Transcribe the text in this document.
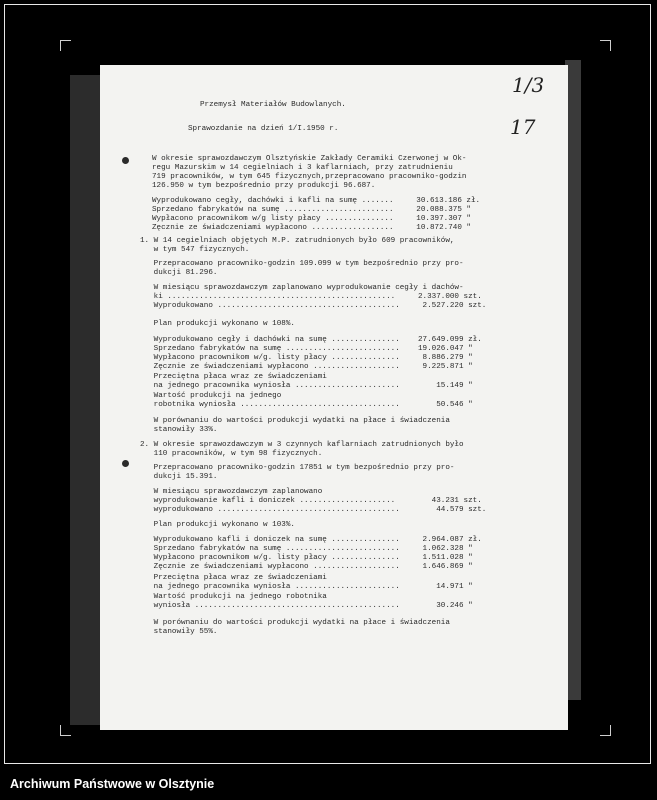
Przemysł Materiałów Budowlanych.
Sprawozdanie na dzień 1/I.1950 r.
1/3
17
W okresie sprawozdawczym Olsztyńskie Zakłady Ceramiki Czerwonej w Ok-
regu Mazurskim w 14 cegielniach i 3 kaflarniach, przy zatrudnieniu
719 pracowników, w tym 645 fizycznych,przepracowano pracowniko-godzin
126.950 w tym bezpośrednio przy produkcji 96.687.
Wyprodukowano cegły, dachówki i kafli na sumę .......     30.613.186 zł.
Sprzedano fabrykatów na sumę ........................     20.088.375 "
Wypłacono pracownikom w/g listy płacy ...............     10.397.307 "
Zęcznie ze świadczeniami wypłacono ..................     10.872.740 "
1. W 14 cegielniach objętych M.P. zatrudnionych było 609 pracowników,
w tym 547 fizycznych.
Przepracowano pracowniko-godzin 109.099 w tym bezpośrednio przy pro-
dukcji 81.296.
W miesiącu sprawozdawczym zaplanowano wyprodukowanie cegły i dachów-
ki ..................................................     2.337.000 szt.
Wyprodukowano ........................................     2.527.220 szt.
Plan produkcji wykonano w 108%.
Wyprodukowano cegły i dachówki na sumę ...............    27.649.099 zł.
Sprzedano fabrykatów na sumę .........................    19.026.047 "
Wypłacono pracownikom w/g. listy płacy ...............     8.886.279 "
Zęcznie ze świadczeniami wypłacono ...................     9.225.871 "
Przeciętna płaca wraz ze świadczeniami
na jednego pracownika wyniosła .......................        15.149 "
Wartość produkcji na jednego
robotnika wyniosła ...................................        50.546 "
W porównaniu do wartości produkcji wydatki na płace i świadczenia
stanowiły 33%.
2. W okresie sprawozdawczym w 3 czynnych kaflarniach zatrudnionych było
110 pracowników, w tym 98 fizycznych.
Przepracowano pracowniko-godzin 17851 w tym bezpośrednio przy pro-
dukcji 15.391.
W miesiącu sprawozdawczym zaplanowano
wyprodukowanie kafli i doniczek .....................        43.231 szt.
wyprodukowano ........................................        44.579 szt.
Plan produkcji wykonano w 103%.
Wyprodukowano kafli i doniczek na sumę ...............     2.964.087 zł.
Sprzedano fabrykatów na sumę .........................     1.062.328 "
Wypłacono pracownikom w/g. listy płacy ...............     1.511.028 "
Zęcznie ze świadczeniami wypłacono ...................     1.646.869 "
Przeciętna płaca wraz ze świadczeniami
na jednego pracownika wyniosła .......................        14.971 "
Wartość produkcji na jednego robotnika
wyniosła .............................................        30.246 "
W porównaniu do wartości produkcji wydatki na płace i świadczenia
stanowiły 55%.
Archiwum Państwowe w Olsztynie
